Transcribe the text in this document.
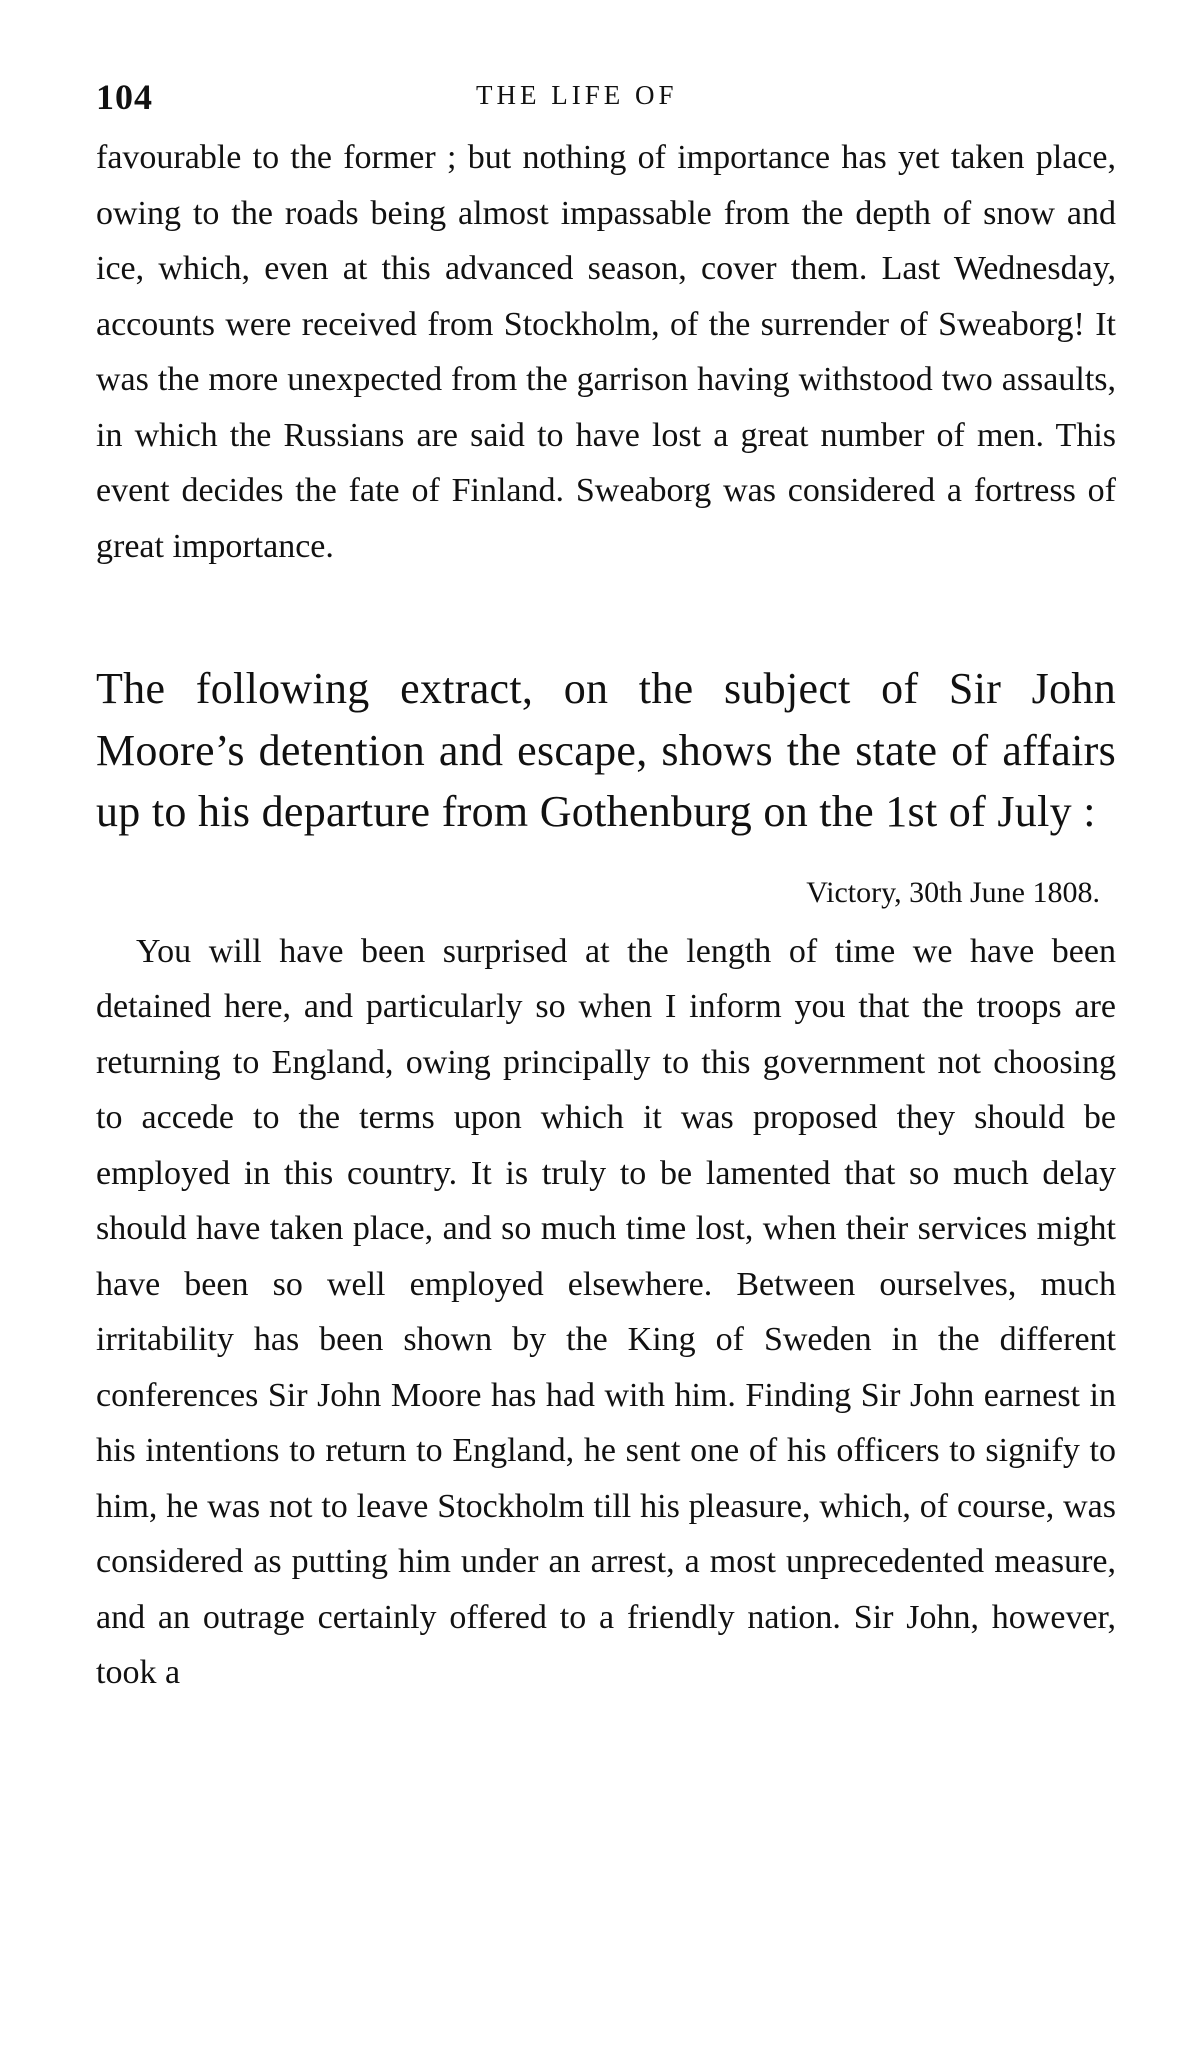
104	THE LIFE OF

favourable to the former ; but nothing of importance has yet taken place, owing to the roads being almost impassable from the depth of snow and ice, which, even at this advanced season, cover them. Last Wednesday, accounts were received from Stockholm, of the surrender of Sweaborg! It was the more unexpected from the garrison having withstood two assaults, in which the Russians are said to have lost a great number of men. This event decides the fate of Finland. Sweaborg was considered a fortress of great importance.

The following extract, on the subject of Sir John Moore’s detention and escape, shows the state of affairs up to his departure from Gothenburg on the 1st of July :

Victory, 30th June 1808.

You will have been surprised at the length of time we have been detained here, and particularly so when I inform you that the troops are returning to England, owing principally to this government not choosing to accede to the terms upon which it was proposed they should be employed in this country. It is truly to be lamented that so much delay should have taken place, and so much time lost, when their services might have been so well employed elsewhere. Between ourselves, much irritability has been shown by the King of Sweden in the different conferences Sir John Moore has had with him. Finding Sir John earnest in his intentions to return to England, he sent one of his officers to signify to him, he was not to leave Stockholm till his pleasure, which, of course, was considered as putting him under an arrest, a most unprecedented measure, and an outrage certainly offered to a friendly nation. Sir John, however, took a
